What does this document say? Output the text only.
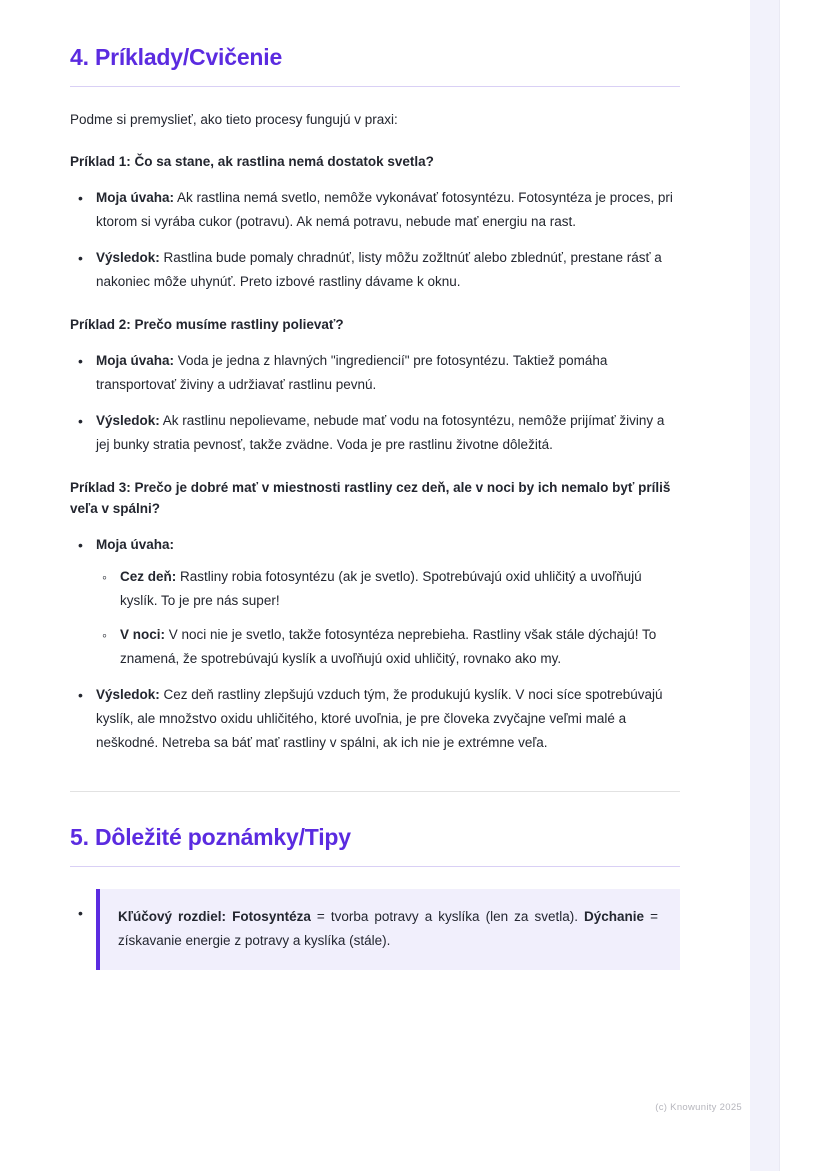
4. Príklady/Cvičenie

Podme si premyslieť, ako tieto procesy fungujú v praxi:

Príklad 1: Čo sa stane, ak rastlina nemá dostatok svetla?

• Moja úvaha: Ak rastlina nemá svetlo, nemôže vykonávať fotosyntézu. Fotosyntéza je proces, pri ktorom si vyrába cukor (potravu). Ak nemá potravu, nebude mať energiu na rast.
• Výsledok: Rastlina bude pomaly chradnúť, listy môžu zožltnúť alebo zblednúť, prestane rásť a nakoniec môže uhynúť. Preto izbové rastliny dávame k oknu.

Príklad 2: Prečo musíme rastliny polievať?

• Moja úvaha: Voda je jedna z hlavných "ingrediencií" pre fotosyntézu. Taktiež pomáha transportovať živiny a udržiavať rastlinu pevnú.
• Výsledok: Ak rastlinu nepolievame, nebude mať vodu na fotosyntézu, nemôže prijímať živiny a jej bunky stratia pevnosť, takže zvädne. Voda je pre rastlinu životne dôležitá.

Príklad 3: Prečo je dobré mať v miestnosti rastliny cez deň, ale v noci by ich nemalo byť príliš veľa v spálni?

• Moja úvaha:
◦ Cez deň: Rastliny robia fotosyntézu (ak je svetlo). Spotrebúvajú oxid uhličitý a uvoľňujú kyslík. To je pre nás super!
◦ V noci: V noci nie je svetlo, takže fotosyntéza neprebieha. Rastliny však stále dýchajú! To znamená, že spotrebúvajú kyslík a uvoľňujú oxid uhličitý, rovnako ako my.
• Výsledok: Cez deň rastliny zlepšujú vzduch tým, že produkujú kyslík. V noci síce spotrebúvajú kyslík, ale množstvo oxidu uhličitého, ktoré uvoľnia, je pre človeka zvyčajne veľmi malé a neškodné. Netreba sa báť mať rastliny v spálni, ak ich nie je extrémne veľa.
5. Dôležité poznámky/Tipy
• Kľúčový rozdiel: Fotosyntéza = tvorba potravy a kyslíka (len za svetla). Dýchanie = získavanie energie z potravy a kyslíka (stále).
(c) Knowunity 2025
